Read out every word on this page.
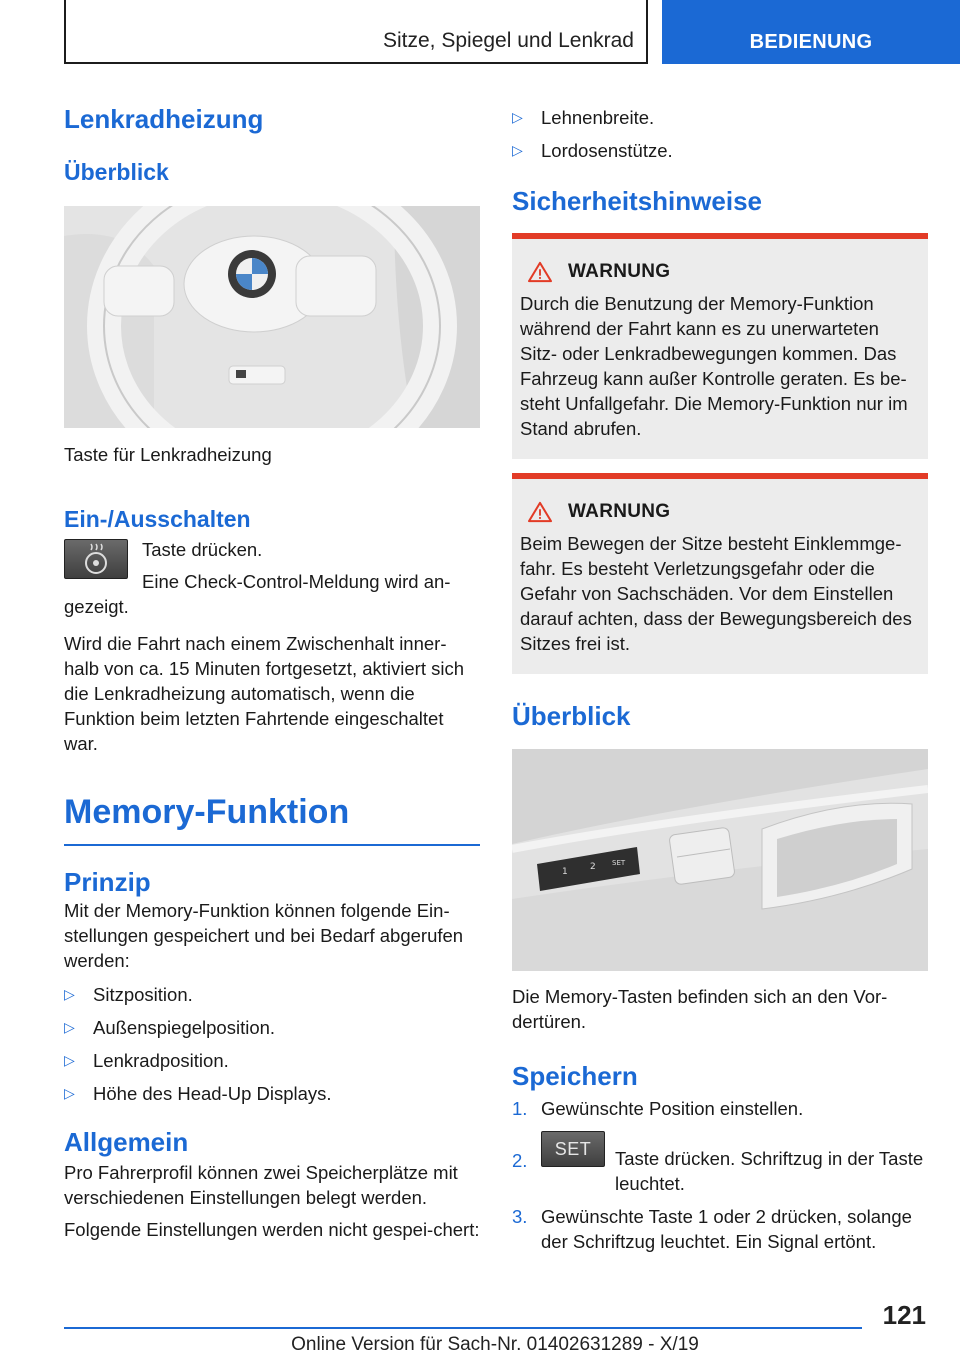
Sitze, Spiegel und Lenkrad	BEDIENUNG
Lenkradheizung
Überblick

Taste für Lenkradheizung

Ein-/Ausschalten

Taste drücken.

Eine Check-Control-Meldung wird an-gezeigt.

Wird die Fahrt nach einem Zwischenhalt inner-halb von ca. 15 Minuten fortgesetzt, aktiviert sich die Lenkradheizung automatisch, wenn die Funktion beim letzten Fahrtende eingeschaltet war.

Memory-Funktion
Prinzip

Mit der Memory-Funktion können folgende Ein-stellungen gespeichert und bei Bedarf abgerufen werden:

▷ Sitzposition.
▷ Außenspiegelposition.
▷ Lenkradposition.
▷ Höhe des Head-Up Displays.
Allgemein

Pro Fahrerprofil können zwei Speicherplätze mit verschiedenen Einstellungen belegt werden.

Folgende Einstellungen werden nicht gespei-chert:

▷ Lehnenbreite.
▷ Lordosenstütze.
Sicherheitshinweise
WARNUNG

Durch die Benutzung der Memory-Funktion während der Fahrt kann es zu unerwarteten Sitz- oder Lenkradbewegungen kommen. Das Fahrzeug kann außer Kontrolle geraten. Es be-steht Unfallgefahr. Die Memory-Funktion nur im Stand abrufen.

WARNUNG

Beim Bewegen der Sitze besteht Einklemmge-fahr. Es besteht Verletzungsgefahr oder die Gefahr von Sachschäden. Vor dem Einstellen darauf achten, dass der Bewegungsbereich des Sitzes frei ist.

Überblick
1 2 SET

Die Memory-Tasten befinden sich an den Vor-dertüren.

Speichern
1. Gewünschte Position einstellen.
2.
SET	Taste drücken. Schriftzug in der Taste leuchtet.
3. Gewünschte Taste 1 oder 2 drücken, solange der Schriftzug leuchtet. Ein Signal ertönt.
121
Online Version für Sach-Nr. 01402631289 - X/19
